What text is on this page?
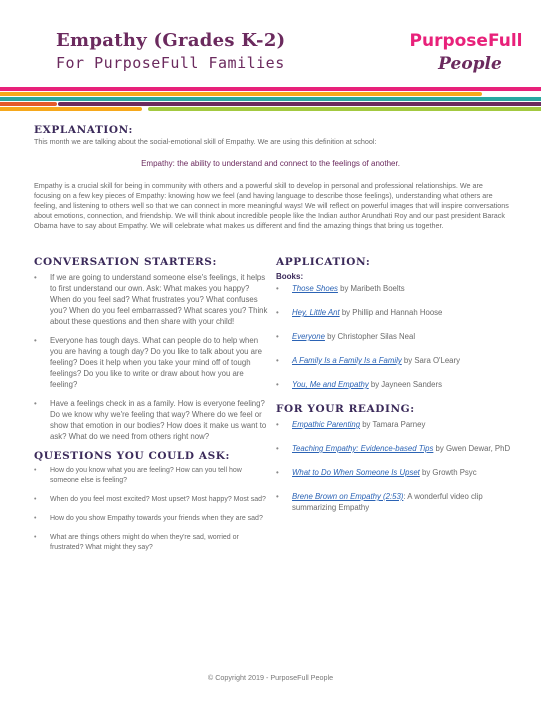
Empathy (Grades K-2)
For PurposeFull Families
PurposeFull
People
EXPLANATION:
This month we are talking about the social-emotional skill of Empathy. We are using this definition at school:
Empathy: the ability to understand and connect to the feelings of another.
Empathy is a crucial skill for being in community with others and a powerful skill to develop in personal and professional relationships. We are focusing on a few key pieces of Empathy: knowing how we feel (and having language to describe those feelings), understanding what others are feeling, and listening to others well so that we can connect in more meaningful ways! We will reflect on powerful images that will inspire conversations about emotions, connection, and friendship. We will think about incredible people like the Indian author Arundhati Roy and our past president Barack Obama have to say about Empathy. We will celebrate what makes us different and find the amazing things that bring us together.
CONVERSATION STARTERS:
• If we are going to understand someone else's feelings, it helps to first understand our own. Ask: What makes you happy? When do you feel sad? What frustrates you? What confuses you? When do you feel embarrassed? What scares you? Think about these questions and then share with your child!
• Everyone has tough days. What can people do to help when you are having a tough day? Do you like to talk about you are feeling? Does it help when you take your mind off of tough feelings? Do you like to write or draw about how you are feeling?
• Have a feelings check in as a family. How is everyone feeling? Do we know why we're feeling that way? Where do we feel or show that emotion in our bodies? How does it make us want to ask? What do we need from others right now?
QUESTIONS YOU COULD ASK:
• How do you know what you are feeling? How can you tell how someone else is feeling?
• When do you feel most excited? Most upset? Most happy? Most sad?
• How do you show Empathy towards your friends when they are sad?
• What are things others might do when they're sad, worried or frustrated? What might they say?
APPLICATION:
Books:
• Those Shoes by Maribeth Boelts
• Hey, Little Ant by Phillip and Hannah Hoose
• Everyone by Christopher Silas Neal
• A Family Is a Family Is a Family by Sara O'Leary
• You, Me and Empathy by Jayneen Sanders
FOR YOUR READING:
• Empathic Parenting by Tamara Parney
• Teaching Empathy: Evidence-based Tips by Gwen Dewar, PhD
• What to Do When Someone Is Upset by Growth Psyc
• Brene Brown on Empathy (2:53): A wonderful video clip summarizing Empathy
© Copyright 2019 - PurposeFull People
